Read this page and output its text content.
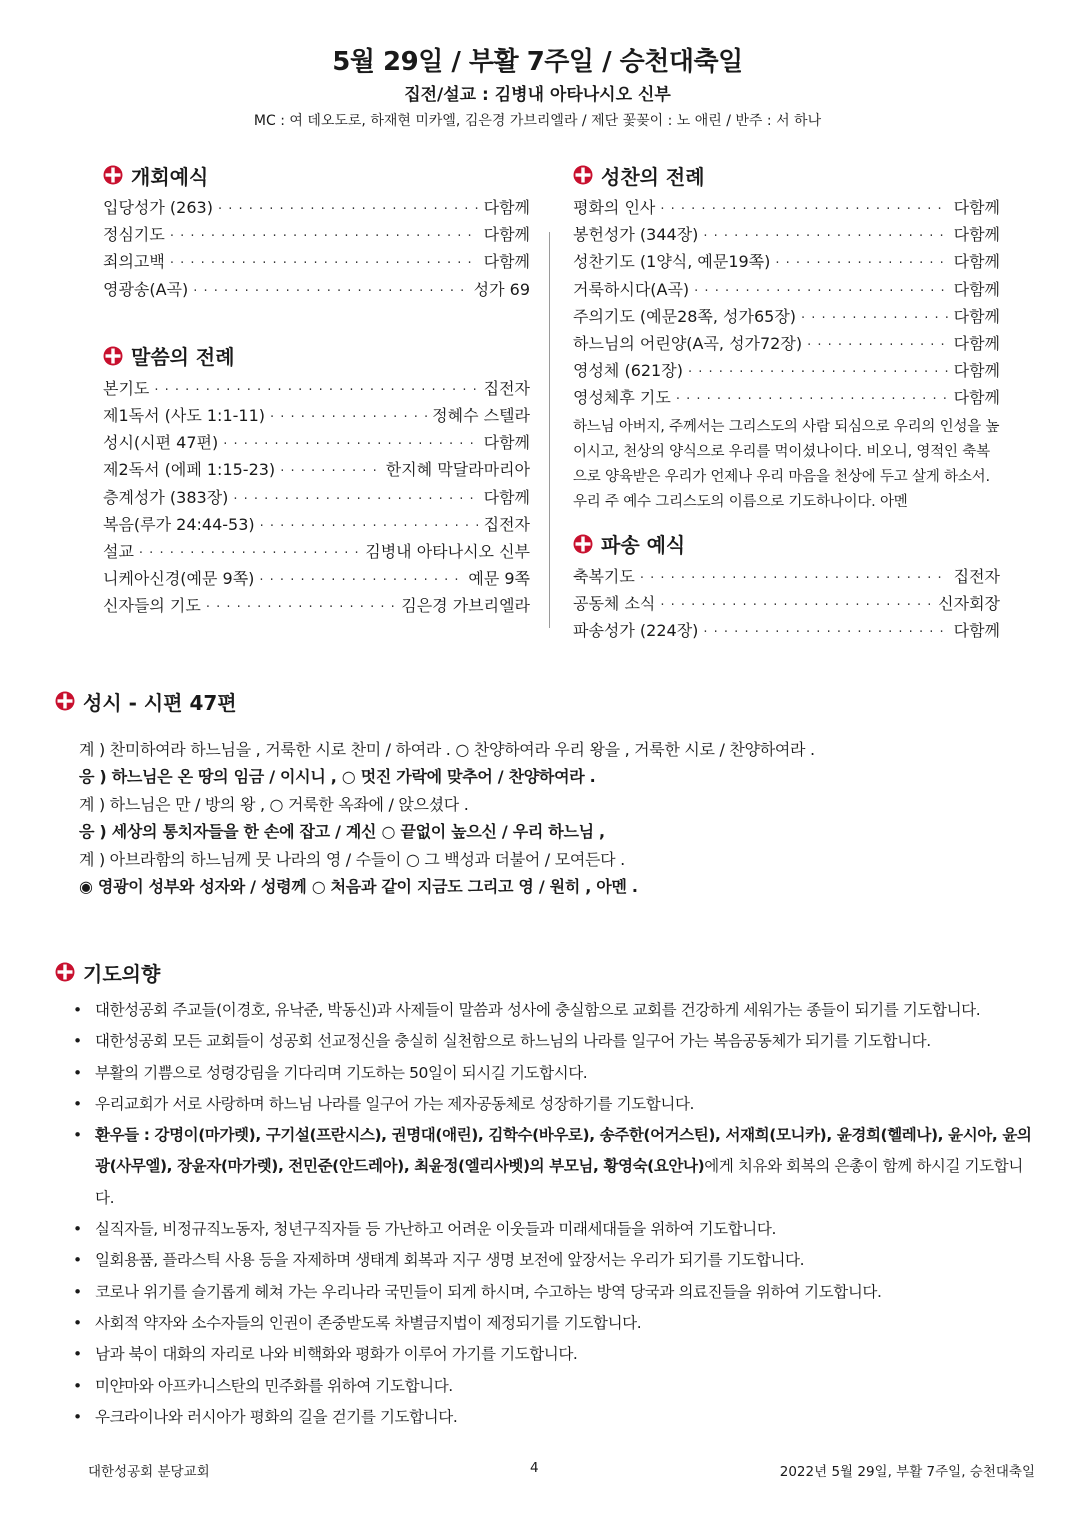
5월 29일 / 부활 7주일 / 승천대축일
집전/설교 : 김병내 아타나시오 신부
MC : 여 데오도로, 하재현 미카엘, 김은경 가브리엘라 / 제단 꽃꽂이 : 노 애린 / 반주 : 서 하나
개회예식
입당성가 (263) · · ·	다함께
정심기도 · · ·	다함께
죄의고백 · · ·	다함께
영광송(A곡) · · ·	성가 69
말씀의 전례
본기도 · · ·	집전자
제1독서 (사도 1:1-11) · · ·	정혜수 스텔라
성시(시편 47편) · · ·	다함께
제2독서 (에페 1:15-23) · · ·	한지혜 막달라마리아
층계성가 (383장) · · ·	다함께
복음(루가 24:44-53) · · ·	집전자
설교 · · ·	김병내 아타나시오 신부
니케아신경(예문 9쪽) · · ·	예문 9쪽
신자들의 기도 · · ·	김은경 가브리엘라
성찬의 전례
평화의 인사 · · ·	다함께
봉헌성가 (344장) · · ·	다함께
성찬기도 (1양식, 예문19쪽) · · ·	다함께
거룩하시다(A곡) · · ·	다함께
주의기도 (예문28쪽, 성가65장) · · ·	다함께
하느님의 어린양(A곡, 성가72장) · · ·	다함께
영성체 (621장) · · ·	다함께
영성체후 기도 · · ·	다함께
하느님 아버지, 주께서는 그리스도의 사람 되심으로 우리의 인성을 높이시고, 천상의 양식으로 우리를 먹이셨나이다. 비오니, 영적인 축복으로 양육받은 우리가 언제나 우리 마음을 천상에 두고 살게 하소서. 우리 주 예수 그리스도의 이름으로 기도하나이다. 아멘
파송 예식
축복기도 · · ·	집전자
공동체 소식 · · ·	신자회장
파송성가 (224장) · · ·	다함께
성시 - 시편 47편
계 ) 찬미하여라 하느님을 , 거룩한 시로 찬미 / 하여라 . ○ 찬양하여라 우리 왕을 , 거룩한 시로 / 찬양하여라 .
응 ) 하느님은 온 땅의 임금 / 이시니 , ○ 멋진 가락에 맞추어 / 찬양하여라 .
계 ) 하느님은 만 / 방의 왕 , ○ 거룩한 옥좌에 / 앉으셨다 .
응 ) 세상의 통치자들을 한 손에 잡고 / 계신 ○ 끝없이 높으신 / 우리 하느님 ,
계 ) 아브라함의 하느님께 뭇 나라의 영 / 수들이 ○ 그 백성과 더불어 / 모여든다 .
◉ 영광이 성부와 성자와 / 성령께 ○ 처음과 같이 지금도 그리고 영 / 원히 , 아멘 .
기도의향
• 대한성공회 주교들(이경호, 유낙준, 박동신)과 사제들이 말씀과 성사에 충실함으로 교회를 건강하게 세워가는 종들이 되기를 기도합니다.
• 대한성공회 모든 교회들이 성공회 선교정신을 충실히 실천함으로 하느님의 나라를 일구어 가는 복음공동체가 되기를 기도합니다.
• 부활의 기쁨으로 성령강림을 기다리며 기도하는 50일이 되시길 기도합시다.
• 우리교회가 서로 사랑하며 하느님 나라를 일구어 가는 제자공동체로 성장하기를 기도합니다.
• 환우들 : 강명이(마가렛), 구기설(프란시스), 권명대(애린), 김학수(바우로), 송주한(어거스틴), 서재희(모니카), 윤경희(헬레나), 윤시아, 윤의광(사무엘), 장윤자(마가렛), 전민준(안드레아), 최윤정(엘리사벳)의 부모님, 황영숙(요안나)에게 치유와 회복의 은총이 함께 하시길 기도합니다.
• 실직자들, 비정규직노동자, 청년구직자들 등 가난하고 어려운 이웃들과 미래세대들을 위하여 기도합니다.
• 일회용품, 플라스틱 사용 등을 자제하며 생태계 회복과 지구 생명 보전에 앞장서는 우리가 되기를 기도합니다.
• 코로나 위기를 슬기롭게 헤쳐 가는 우리나라 국민들이 되게 하시며, 수고하는 방역 당국과 의료진들을 위하여 기도합니다.
• 사회적 약자와 소수자들의 인권이 존중받도록 차별금지법이 제정되기를 기도합니다.
• 남과 북이 대화의 자리로 나와 비핵화와 평화가 이루어 가기를 기도합니다.
• 미얀마와 아프카니스탄의 민주화를 위하여 기도합니다.
• 우크라이나와 러시아가 평화의 길을 걷기를 기도합니다.
대한성공회 분당교회	4	2022년 5월 29일, 부활 7주일, 승천대축일
